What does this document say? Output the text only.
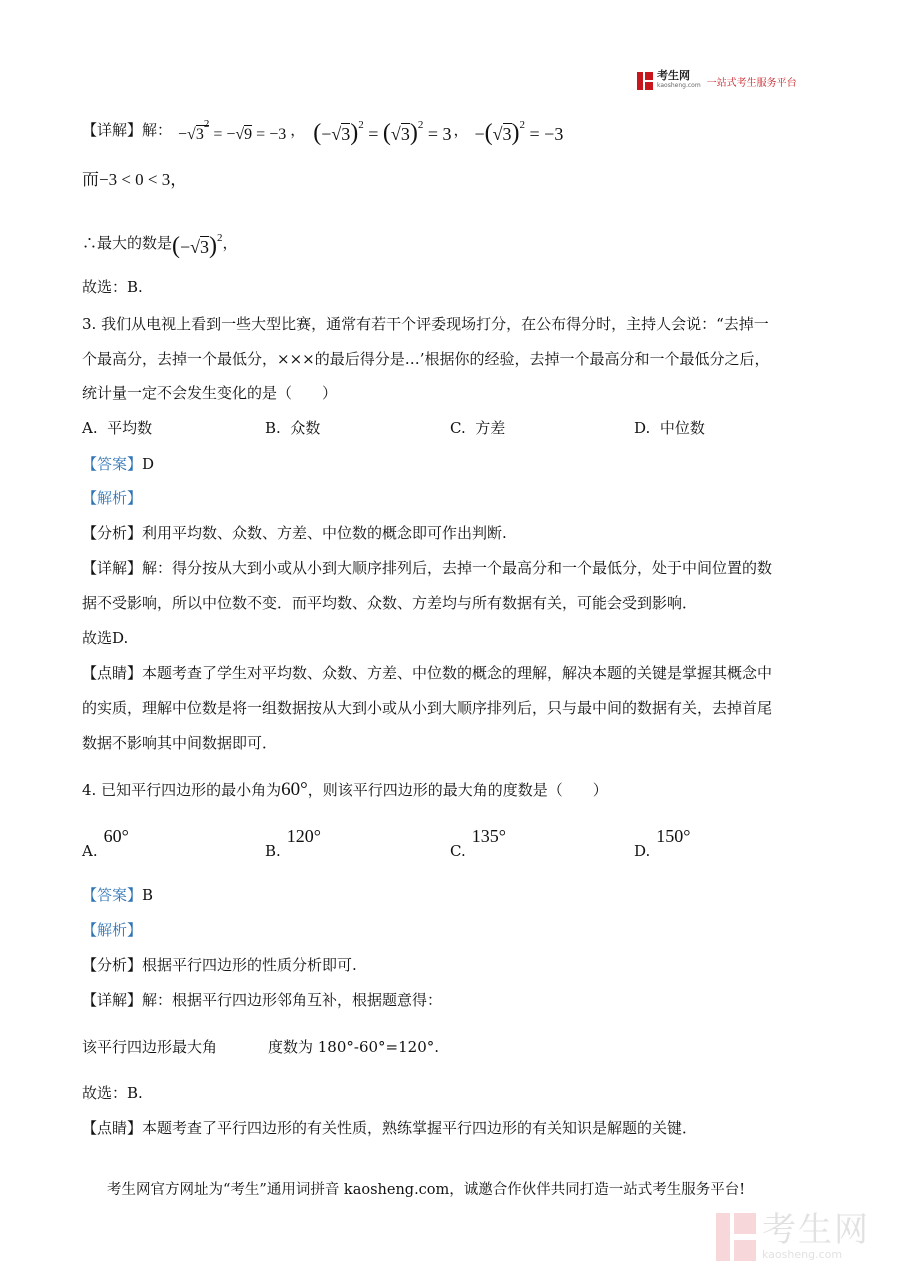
考生网
kaosheng.com 一站式考生服务平台
【详解】 解： $-√3^2 = -√9 = -3$ ， $(-√3)^2 = (√3)^2 = 3$ ， $-(√3)^2 = -3$
而−3 < 0 < 3，
∴最大的数是 $(-√3)^2$ ，
故选：B.
3. 我们从电视上看到一些大型比赛，通常有若干个评委现场打分，在公布得分时，主持人会说：“去掉一
个最高分，去掉一个最低分，×××的最后得分是…’根据你的经验，去掉一个最高分和一个最低分之后，
统计量一定不会发生变化的是（　　）
A. 平均数	B. 众数	C. 方差	D. 中位数
【答案】D
【解析】
【分析】利用平均数、众数、方差、中位数的概念即可作出判断.
【详解】解：得分按从大到小或从小到大顺序排列后，去掉一个最高分和一个最低分，处于中间位置的数
据不受影响，所以中位数不变．而平均数、众数、方差均与所有数据有关，可能会受到影响．
故选D.
【点睛】本题考查了学生对平均数、众数、方差、中位数的概念的理解，解决本题的关键是掌握其概念中
的实质，理解中位数是将一组数据按从大到小或从小到大顺序排列后，只与最中间的数据有关，去掉首尾
数据不影响其中间数据即可．
4. 已知平行四边形的最小角为 60° ，则该平行四边形的最大角的度数是（　　）
A.60°
B.120°
C.135°
D.150°
【答案】B
【解析】
【分析】根据平行四边形的性质分析即可.
【详解】解：根据平行四边形邻角互补，根据题意得：
该平行四边形最大角	度数为 180°-60°=120°.
故选：B.
【点睛】本题考查了平行四边形的有关性质，熟练掌握平行四边形的有关知识是解题的关键．
考生网官方网址为“考生”通用词拼音 kaosheng.com，诚邀合作伙伴共同打造一站式考生服务平台!
考生网
kaosheng.com
